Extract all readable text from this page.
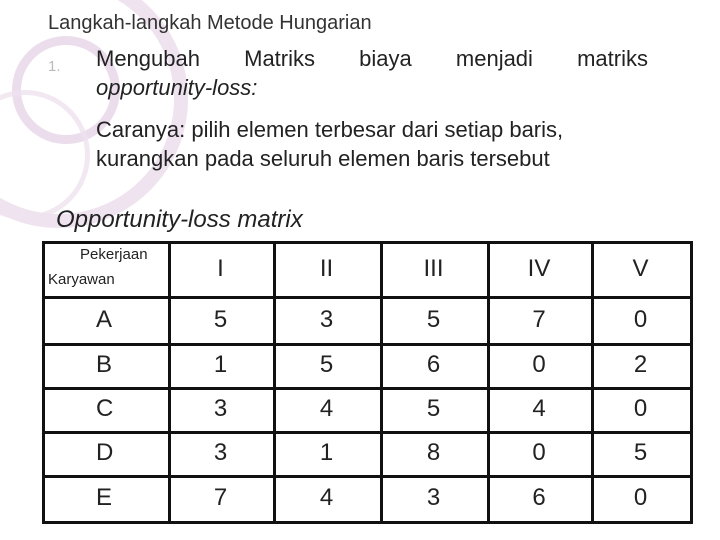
Langkah-langkah Metode Hungarian
1. Mengubah Matriks biaya menjadi matriks
opportunity-loss:
Caranya: pilih elemen terbesar dari setiap baris,
kurangkan pada seluruh elemen baris tersebut
Opportunity-loss matrix
Pekerjaan
Karyawan	I	II	III	IV	V
A	5	3	5	7	0
B	1	5	6	0	2
C	3	4	5	4	0
D	3	1	8	0	5
E	7	4	3	6	0
